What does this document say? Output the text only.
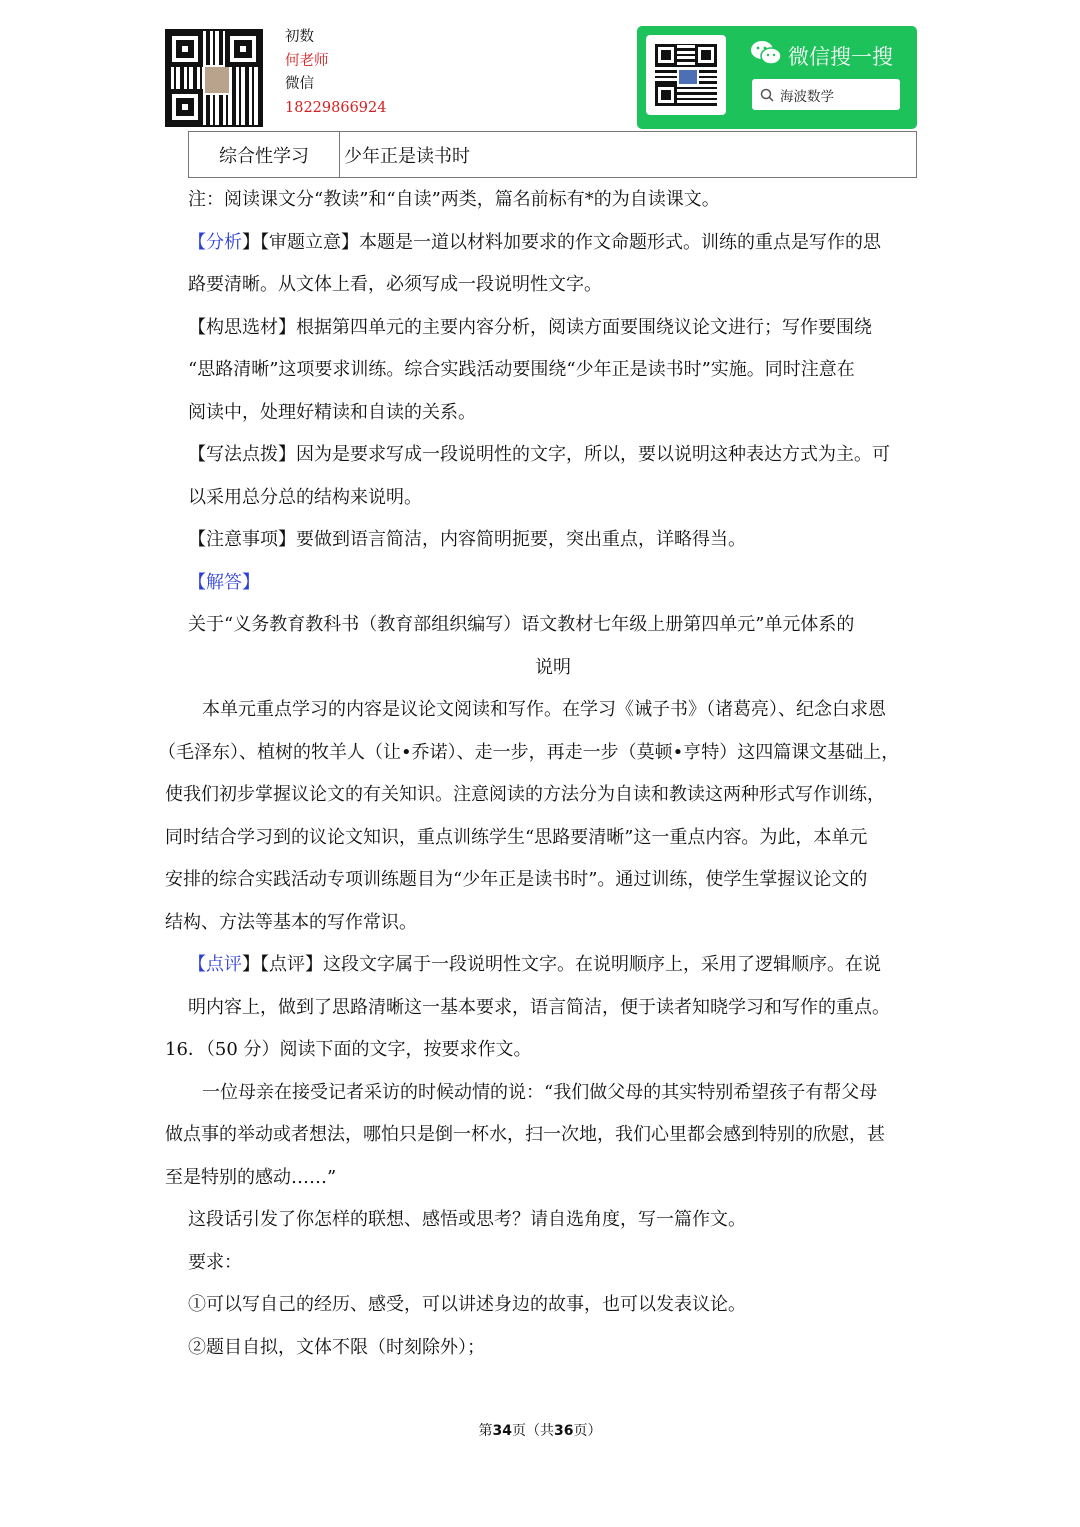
初数
何老师
微信
18229866924
微信搜一搜
海波数学
综合性学习	少年正是读书时
注：阅读课文分“教读”和“自读”两类，篇名前标有*的为自读课文。
【分析】【审题立意】本题是一道以材料加要求的作文命题形式。训练的重点是写作的思
路要清晰。从文体上看，必须写成一段说明性文字。
【构思选材】根据第四单元的主要内容分析，阅读方面要围绕议论文进行；写作要围绕
“思路清晰”这项要求训练。综合实践活动要围绕“少年正是读书时”实施。同时注意在
阅读中，处理好精读和自读的关系。
【写法点拨】因为是要求写成一段说明性的文字，所以，要以说明这种表达方式为主。可
以采用总分总的结构来说明。
【注意事项】要做到语言简洁，内容简明扼要，突出重点，详略得当。
【解答】
关于“义务教育教科书（教育部组织编写）语文教材七年级上册第四单元”单元体系的
说明
本单元重点学习的内容是议论文阅读和写作。在学习《诫子书》（诸葛亮）、纪念白求恩
（毛泽东）、植树的牧羊人（让•乔诺）、走一步，再走一步（莫顿•亨特）这四篇课文基础上，
使我们初步掌握议论文的有关知识。注意阅读的方法分为自读和教读这两种形式写作训练，
同时结合学习到的议论文知识，重点训练学生“思路要清晰”这一重点内容。为此，本单元
安排的综合实践活动专项训练题目为“少年正是读书时”。通过训练，使学生掌握议论文的
结构、方法等基本的写作常识。
【点评】【点评】这段文字属于一段说明性文字。在说明顺序上，采用了逻辑顺序。在说
明内容上，做到了思路清晰这一基本要求，语言简洁，便于读者知晓学习和写作的重点。
16．（50 分）阅读下面的文字，按要求作文。
一位母亲在接受记者采访的时候动情的说：“我们做父母的其实特别希望孩子有帮父母
做点事的举动或者想法，哪怕只是倒一杯水，扫一次地，我们心里都会感到特别的欣慰，甚
至是特别的感动……”
这段话引发了你怎样的联想、感悟或思考？请自选角度，写一篇作文。
要求：
①可以写自己的经历、感受，可以讲述身边的故事，也可以发表议论。
②题目自拟，文体不限（时刻除外）；
第34页（共36页）
